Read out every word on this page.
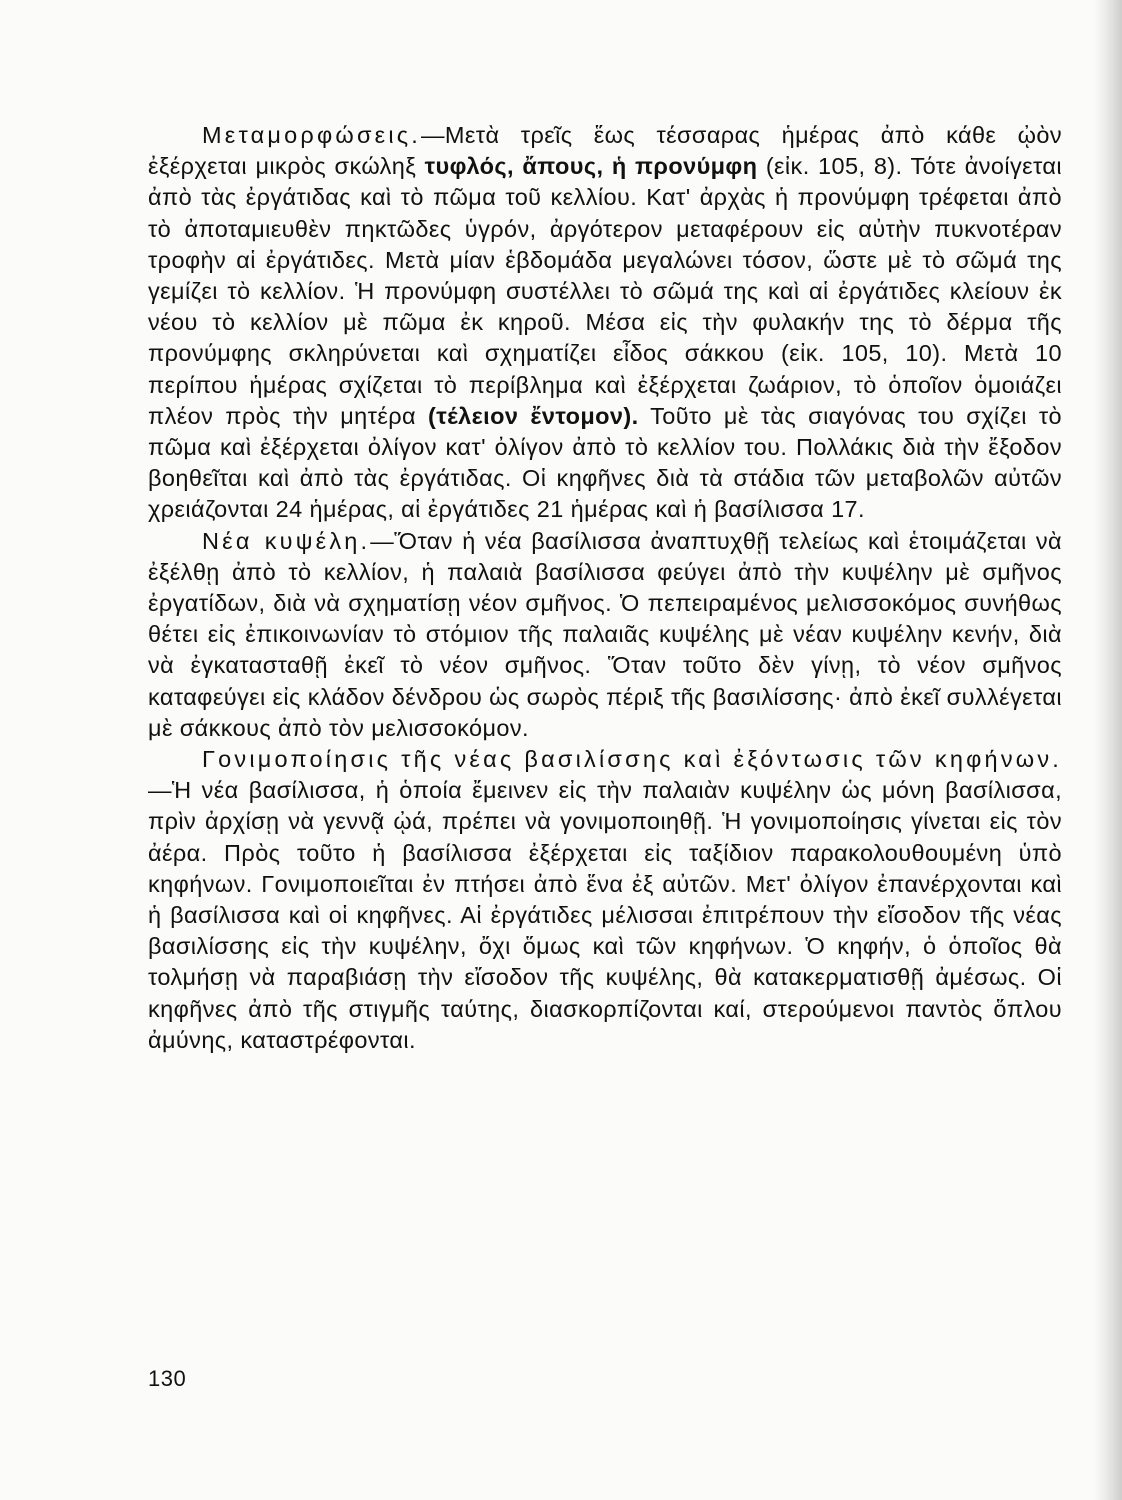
Μεταμορφώσεις.—Μετὰ τρεῖς ἕως τέσσαρας ἡμέρας ἀπὸ κάθε ᾠὸν ἐξέρχεται μικρὸς σκώληξ τυφλός, ἄπους, ἡ προνύμφη (εἰκ. 105, 8). Τότε ἀνοίγεται ἀπὸ τὰς ἐργάτιδας καὶ τὸ πῶμα τοῦ κελλίου. Κατ' ἀρχὰς ἡ προνύμφη τρέφεται ἀπὸ τὸ ἀποταμιευθὲν πηκτῶδες ὑγρόν, ἀργότερον μεταφέρουν εἰς αὐτὴν πυκνοτέραν τροφὴν αἱ ἐργάτιδες. Μετὰ μίαν ἑβδομάδα μεγαλώνει τόσον, ὥστε μὲ τὸ σῶμά της γεμίζει τὸ κελλίον. Ἡ προνύμφη συστέλλει τὸ σῶμά της καὶ αἱ ἐργάτιδες κλείουν ἐκ νέου τὸ κελλίον μὲ πῶμα ἐκ κηροῦ. Μέσα εἰς τὴν φυλακήν της τὸ δέρμα τῆς προνύμφης σκληρύνεται καὶ σχηματίζει εἶδος σάκκου (εἰκ. 105, 10). Μετὰ 10 περίπου ἡμέρας σχίζεται τὸ περίβλημα καὶ ἐξέρχεται ζωάριον, τὸ ὁποῖον ὁμοιάζει πλέον πρὸς τὴν μητέρα (τέλειον ἔντομον). Τοῦτο μὲ τὰς σιαγόνας του σχίζει τὸ πῶμα καὶ ἐξέρχεται ὀλίγον κατ' ὀλίγον ἀπὸ τὸ κελλίον του. Πολλάκις διὰ τὴν ἔξοδον βοηθεῖται καὶ ἀπὸ τὰς ἐργάτιδας. Οἱ κηφῆνες διὰ τὰ στάδια τῶν μεταβολῶν αὐτῶν χρειάζονται 24 ἡμέρας, αἱ ἐργάτιδες 21 ἡμέρας καὶ ἡ βασίλισσα 17.

Νέα κυψέλη.—Ὅταν ἡ νέα βασίλισσα ἀναπτυχθῇ τελείως καὶ ἑτοιμάζεται νὰ ἐξέλθῃ ἀπὸ τὸ κελλίον, ἡ παλαιὰ βασίλισσα φεύγει ἀπὸ τὴν κυψέλην μὲ σμῆνος ἐργατίδων, διὰ νὰ σχηματίσῃ νέον σμῆνος. Ὁ πεπειραμένος μελισσοκόμος συνήθως θέτει εἰς ἐπικοινωνίαν τὸ στόμιον τῆς παλαιᾶς κυψέλης μὲ νέαν κυψέλην κενήν, διὰ νὰ ἐγκατασταθῇ ἐκεῖ τὸ νέον σμῆνος. Ὅταν τοῦτο δὲν γίνῃ, τὸ νέον σμῆνος καταφεύγει εἰς κλάδον δένδρου ὡς σωρὸς πέριξ τῆς βασιλίσσης· ἀπὸ ἐκεῖ συλλέγεται μὲ σάκκους ἀπὸ τὸν μελισσοκόμον.

Γονιμοποίησις τῆς νέας βασιλίσσης καὶ ἐξόντωσις τῶν κηφήνων.—Ἡ νέα βασίλισσα, ἡ ὁποία ἔμεινεν εἰς τὴν παλαιὰν κυψέλην ὡς μόνη βασίλισσα, πρὶν ἀρχίσῃ νὰ γεννᾷ ᾠά, πρέπει νὰ γονιμοποιηθῇ. Ἡ γονιμοποίησις γίνεται εἰς τὸν ἀέρα. Πρὸς τοῦτο ἡ βασίλισσα ἐξέρχεται εἰς ταξίδιον παρακολουθουμένη ὑπὸ κηφήνων. Γονιμοποιεῖται ἐν πτήσει ἀπὸ ἕνα ἐξ αὐτῶν. Μετ' ὀλίγον ἐπανέρχονται καὶ ἡ βασίλισσα καὶ οἱ κηφῆνες. Αἱ ἐργάτιδες μέλισσαι ἐπιτρέπουν τὴν εἴσοδον τῆς νέας βασιλίσσης εἰς τὴν κυψέλην, ὄχι ὅμως καὶ τῶν κηφήνων. Ὁ κηφήν, ὁ ὁποῖος θὰ τολμήσῃ νὰ παραβιάσῃ τὴν εἴσοδον τῆς κυψέλης, θὰ κατακερματισθῇ ἀμέσως. Οἱ κηφῆνες ἀπὸ τῆς στιγμῆς ταύτης, διασκορπίζονται καί, στερούμενοι παντὸς ὅπλου ἀμύνης, καταστρέφονται.

130
